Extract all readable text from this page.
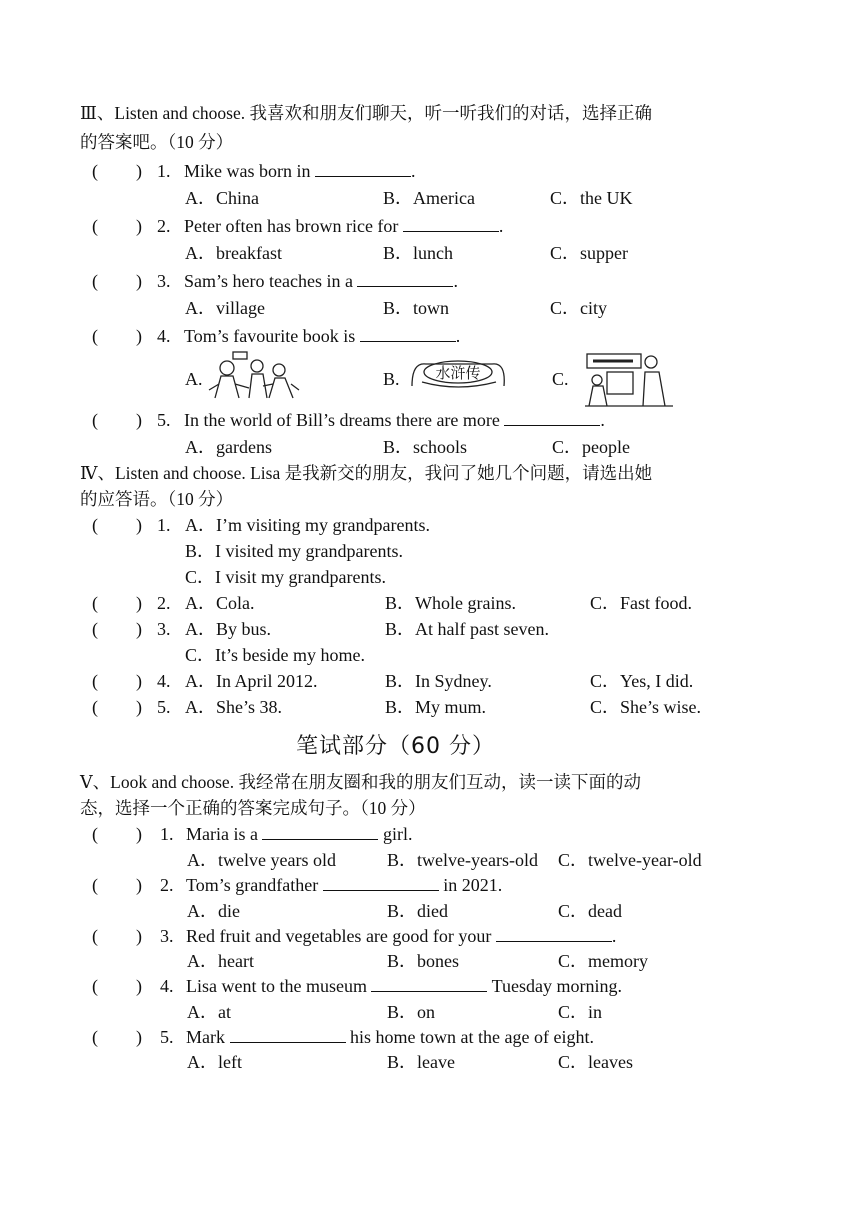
Ⅲ、Listen and choose. 我喜欢和朋友们聊天，听一听我们的对话，选择正确
的答案吧。（10 分）
( ) 1. Mike was born in	.
A．China	B．America	C．the UK
( ) 2. Peter often has brown rice for	.
A．breakfast	B．lunch	C．supper
( ) 3. Sam’s hero teaches in a	.
A．village	B．town	C．city
( ) 4. Tom’s favourite book is	.
A.	B. 水浒传	C.
( ) 5. In the world of Bill’s dreams there are more	.
A．gardens	B．schools	C．people
Ⅳ、Listen and choose. Lisa 是我新交的朋友，我问了她几个问题，请选出她
的应答语。（10 分）
( ) 1. A．I’m visiting my grandparents.
B．I visited my grandparents.
C．I visit my grandparents.
( ) 2. A．Cola.	B．Whole grains.	C．Fast food.
( ) 3. A．By bus.	B．At half past seven.
C．It’s beside my home.
( ) 4. A．In April 2012.	B．In Sydney.	C．Yes, I did.
( ) 5. A．She’s 38.	B．My mum.	C．She’s wise.
笔试部分（60 分）
Ⅴ、Look and choose. 我经常在朋友圈和我的朋友们互动，读一读下面的动
态，选择一个正确的答案完成句子。（10 分）
( ) 1. Maria is a	girl.
A．twelve years old	B．twelve-years-old C．twelve-year-old
( ) 2. Tom’s grandfather	in 2021.
A．die	B．died	C．dead
( ) 3. Red fruit and vegetables are good for your	.
A．heart	B．bones	C．memory
( ) 4. Lisa went to the museum	Tuesday morning.
A．at	B．on	C．in
( ) 5. Mark	his home town at the age of eight.
A．left	B．leave	C．leaves
